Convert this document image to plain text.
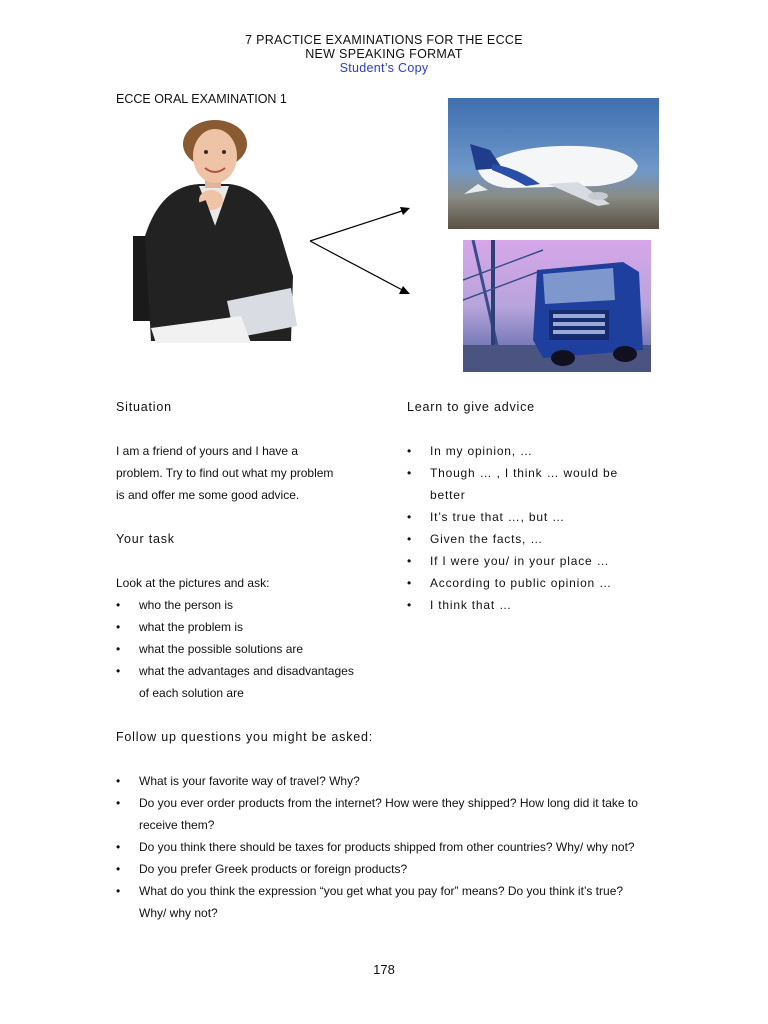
7 PRACTICE EXAMINATIONS FOR THE ECCE
NEW SPEAKING FORMAT
Student’s Copy
ECCE ORAL EXAMINATION 1
Situation
I am a friend of yours and I have a
problem. Try to find out what my problem
is and offer me some good advice.
Your task
Look at the pictures and ask:
• who the person is
• what the problem is
• what the possible solutions are
• what the advantages and disadvantages of each solution are
Learn to give advice
• In my opinion, …
• Though … , I think … would be better
• It’s true that …, but …
• Given the facts, …
• If I were you/ in your place …
• According to public opinion …
• I think that …
Follow up questions you might be asked:
• What is your favorite way of travel? Why?
• Do you ever order products from the internet? How were they shipped? How long did it take to receive them?
• Do you think there should be taxes for products shipped from other countries? Why/ why not?
• Do you prefer Greek products or foreign products?
• What do you think the expression “you get what you pay for” means? Do you think it’s true? Why/ why not?
178
